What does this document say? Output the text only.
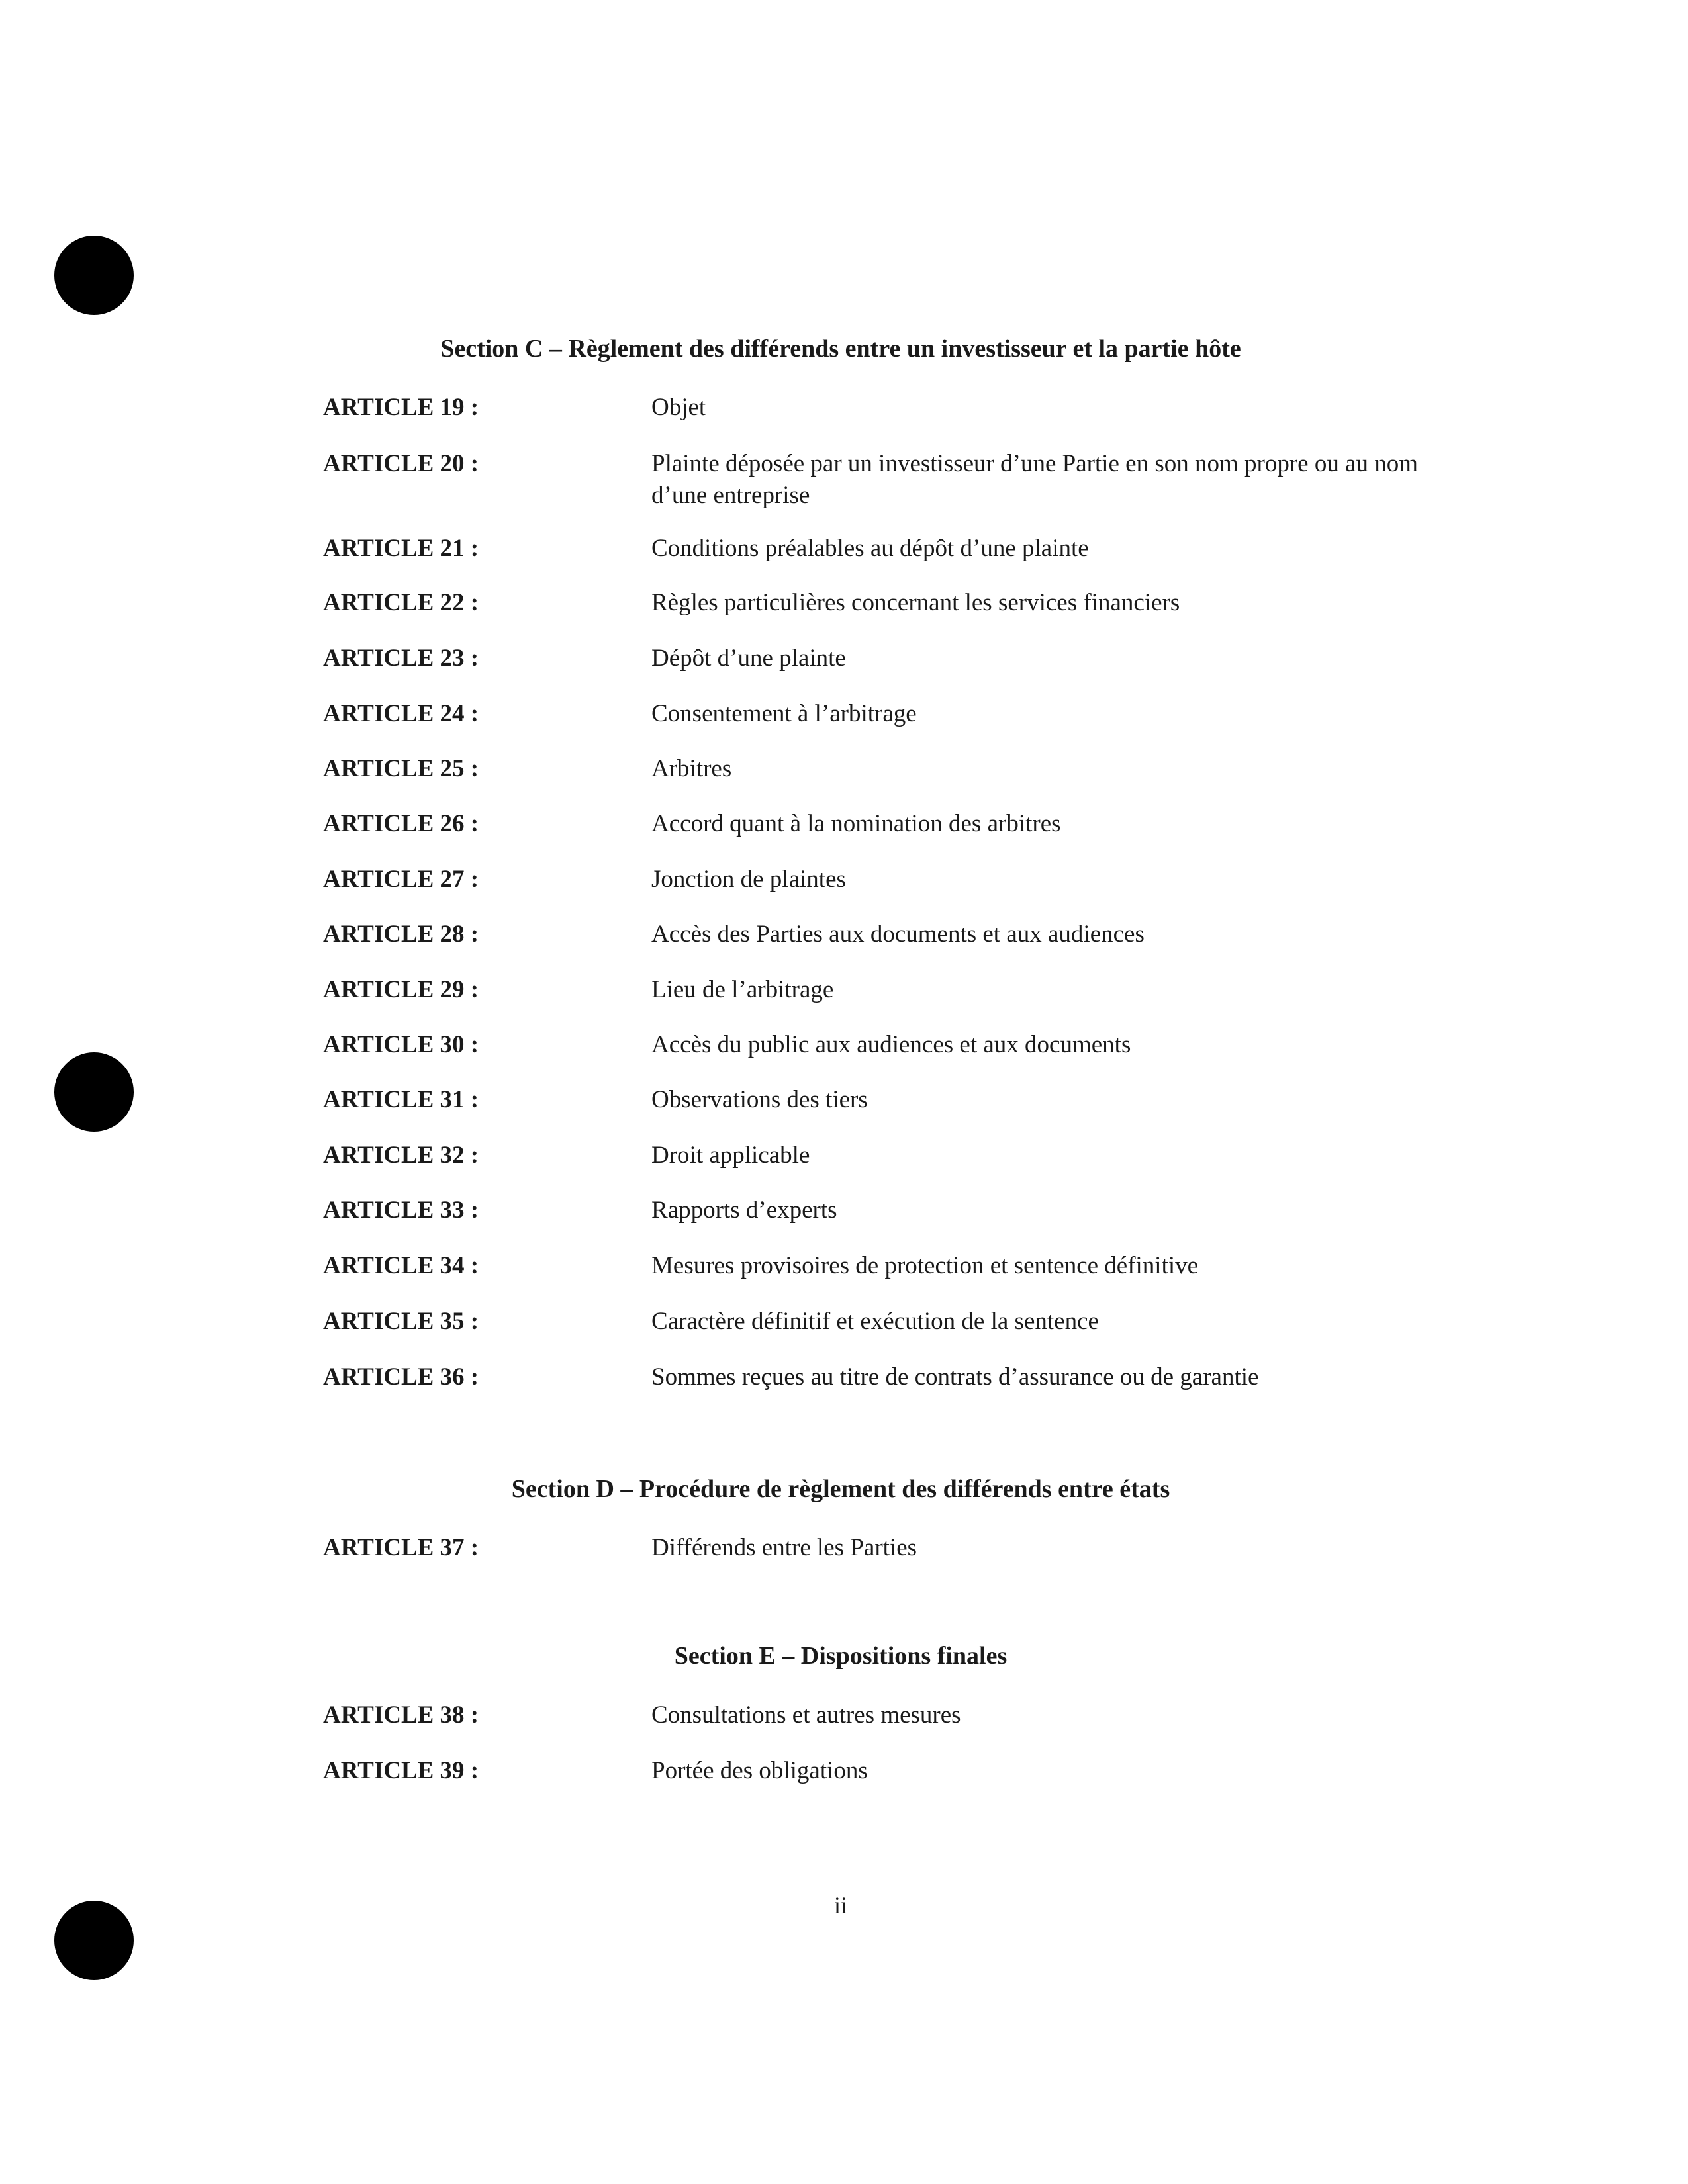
Section C – Règlement des différends entre un investisseur et la partie hôte
ARTICLE 19 :	Objet
ARTICLE 20 :	Plainte déposée par un investisseur d’une Partie en son nom propre ou au nom d’une entreprise
ARTICLE 21 :	Conditions préalables au dépôt d’une plainte
ARTICLE 22 :	Règles particulières concernant les services financiers
ARTICLE 23 :	Dépôt d’une plainte
ARTICLE 24 :	Consentement à l’arbitrage
ARTICLE 25 :	Arbitres
ARTICLE 26 :	Accord quant à la nomination des arbitres
ARTICLE 27 :	Jonction de plaintes
ARTICLE 28 :	Accès des Parties aux documents et aux audiences
ARTICLE 29 :	Lieu de l’arbitrage
ARTICLE 30 :	Accès du public aux audiences et aux documents
ARTICLE 31 :	Observations des tiers
ARTICLE 32 :	Droit applicable
ARTICLE 33 :	Rapports d’experts
ARTICLE 34 :	Mesures provisoires de protection et sentence définitive
ARTICLE 35 :	Caractère définitif et exécution de la sentence
ARTICLE 36 :	Sommes reçues au titre de contrats d’assurance ou de garantie
Section D – Procédure de règlement des différends entre états
ARTICLE 37 :	Différends entre les Parties
Section E – Dispositions finales
ARTICLE 38 :	Consultations et autres mesures
ARTICLE 39 :	Portée des obligations
ii
